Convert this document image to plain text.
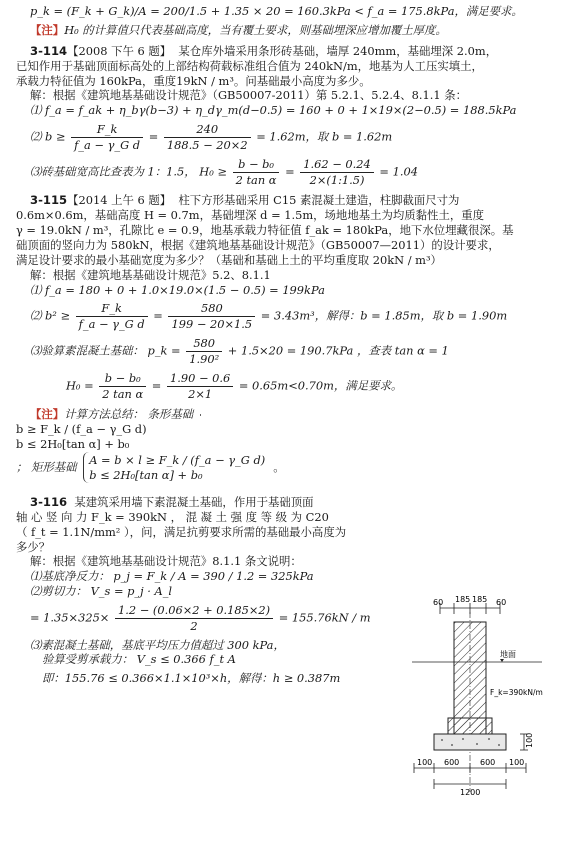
p_k = (F_k + G_k)/A = 200/1.5 + 1.35 × 20 = 160.3kPa < f_a = 175.8kPa，满足要求。

【注】H₀ 的计算值只代表基础高度，当有覆土要求，则基础埋深应增加覆土厚度。

3-114【2008 下午 6 题】 某仓库外墙采用条形砖基础，墙厚 240mm，基础埋深 2.0m，

已知作用于基础顶面标高处的上部结构荷载标准组合值为 240kN/m，地基为人工压实填土，

承载力特征值为 160kPa，重度19kN / m³。问基础最小高度为多少。

解：根据《建筑地基基础设计规范》（GB50007-2011）第 5.2.1、5.2.4、8.1.1 条：

⑴ f_a = f_ak + η_bγ(b−3) + η_dγ_m(d−0.5) = 160 + 0 + 1×19×(2−0.5) = 188.5kPa

⑵ $b \ge \frac{F\_k}{\text{f\_a − γ\_G d}} = \frac{240}{188.5 - 20\times 2} = 1.62m$，取 b = 1.62m

⑶砖基础宽高比查表为 1：1.5， $H_0 \ge \frac{\text{b − b₀}}{\text{2 tan α}} = \frac{1.62 - 0.24}{2\times(1:1.5)} = 1.04$

3-115【2014 上午 6 题】 柱下方形基础采用 C15 素混凝土建造，柱脚截面尺寸为

0.6m×0.6m，基础高度 H = 0.7m，基础埋深 d = 1.5m，场地地基土为均质黏性土，重度

γ = 19.0kN / m³，孔隙比 e = 0.9，地基承载力特征值 f_ak = 180kPa，地下水位埋藏很深。基

础顶面的竖向力为 580kN，根据《建筑地基基础设计规范》（GB50007—2011）的设计要求，

满足设计要求的最小基础宽度为多少？（基础和基础上土的平均重度取 20kN / m³）

解：根据《建筑地基基础设计规范》5.2、8.1.1

⑴ f_a = 180 + 0 + 1.0×19.0×(1.5 − 0.5) = 199kPa

⑵ $b^2 \ge \frac{F\_k}{\text{f\_a − γ\_G d}} = \frac{580}{199 - 20\times 1.5} = 3.43m^3$，解得：b = 1.85m，取 b = 1.90m

⑶验算素混凝土基础： p_k = $\frac{580}{\text{1.90²}} + 1.5\times 20 = 190.7kPa$ ，查表 tan α = 1

$H_0 = \frac{\text{b − b₀}}{\text{2 tan α}} = \frac{1.90 - 0.6}{2\times 1} = 0.65m<0.70m$，满足要求。

【注】计算方法总结： 条形基础

b ≥ F_k / (f_a − γ_G d)
b ≤ 2H₀[tan α] + b₀
； 矩形基础 A = b × l ≥ F_k / (f_a − γ_G d)
b ≤ 2H₀[tan α] + b₀
。

3-116 某建筑采用墙下素混凝土基础，作用于基础顶面

轴 心 竖 向 力 F_k = 390kN ， 混 凝 土 强 度 等 级 为 C20

（ f_t = 1.1N/mm² ），问，满足抗剪要求所需的基础最小高度为

多少？

解：根据《建筑地基基础设计规范》8.1.1 条文说明：

⑴基底净反力： p_j = F_k / A = 390 / 1.2 = 325kPa

⑵剪切力： V_s = p_j · A_l

= $1.35\times 325\times \frac{1.2 - (0.06\times 2 + 0.185\times 2)}{2} = 155.76kN / m$

⑶素混凝土基础，基底平均压力值超过 300 kPa，

验算受剪承载力： V_s ≤ 0.366 f_t A

即：155.76 ≤ 0.366×1.1×10³×h，解得：h ≥ 0.387m

60 185 185 60
地面
F_k=390kN/m
100
100 600	600 100
1200
